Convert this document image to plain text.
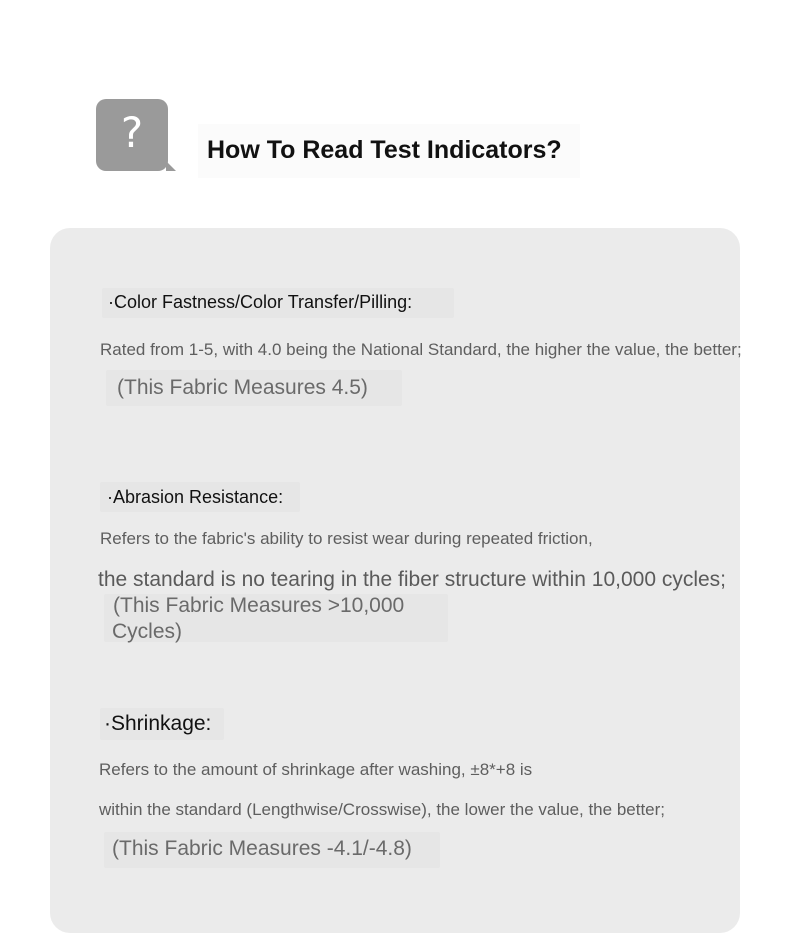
?	How To Read Test Indicators?

·Color Fastness/Color Transfer/Pilling:

Rated from 1-5, with 4.0 being the National Standard, the higher the value, the better;

(This Fabric Measures 4.5)

·Abrasion Resistance:

Refers to the fabric's ability to resist wear during repeated friction,

the standard is no tearing in the fiber structure within 10,000 cycles;

(This Fabric Measures >10,000

Cycles)

·Shrinkage:

Refers to the amount of shrinkage after washing, ±8*+8 is

within the standard (Lengthwise/Crosswise), the lower the value, the better;

(This Fabric Measures -4.1/-4.8)
